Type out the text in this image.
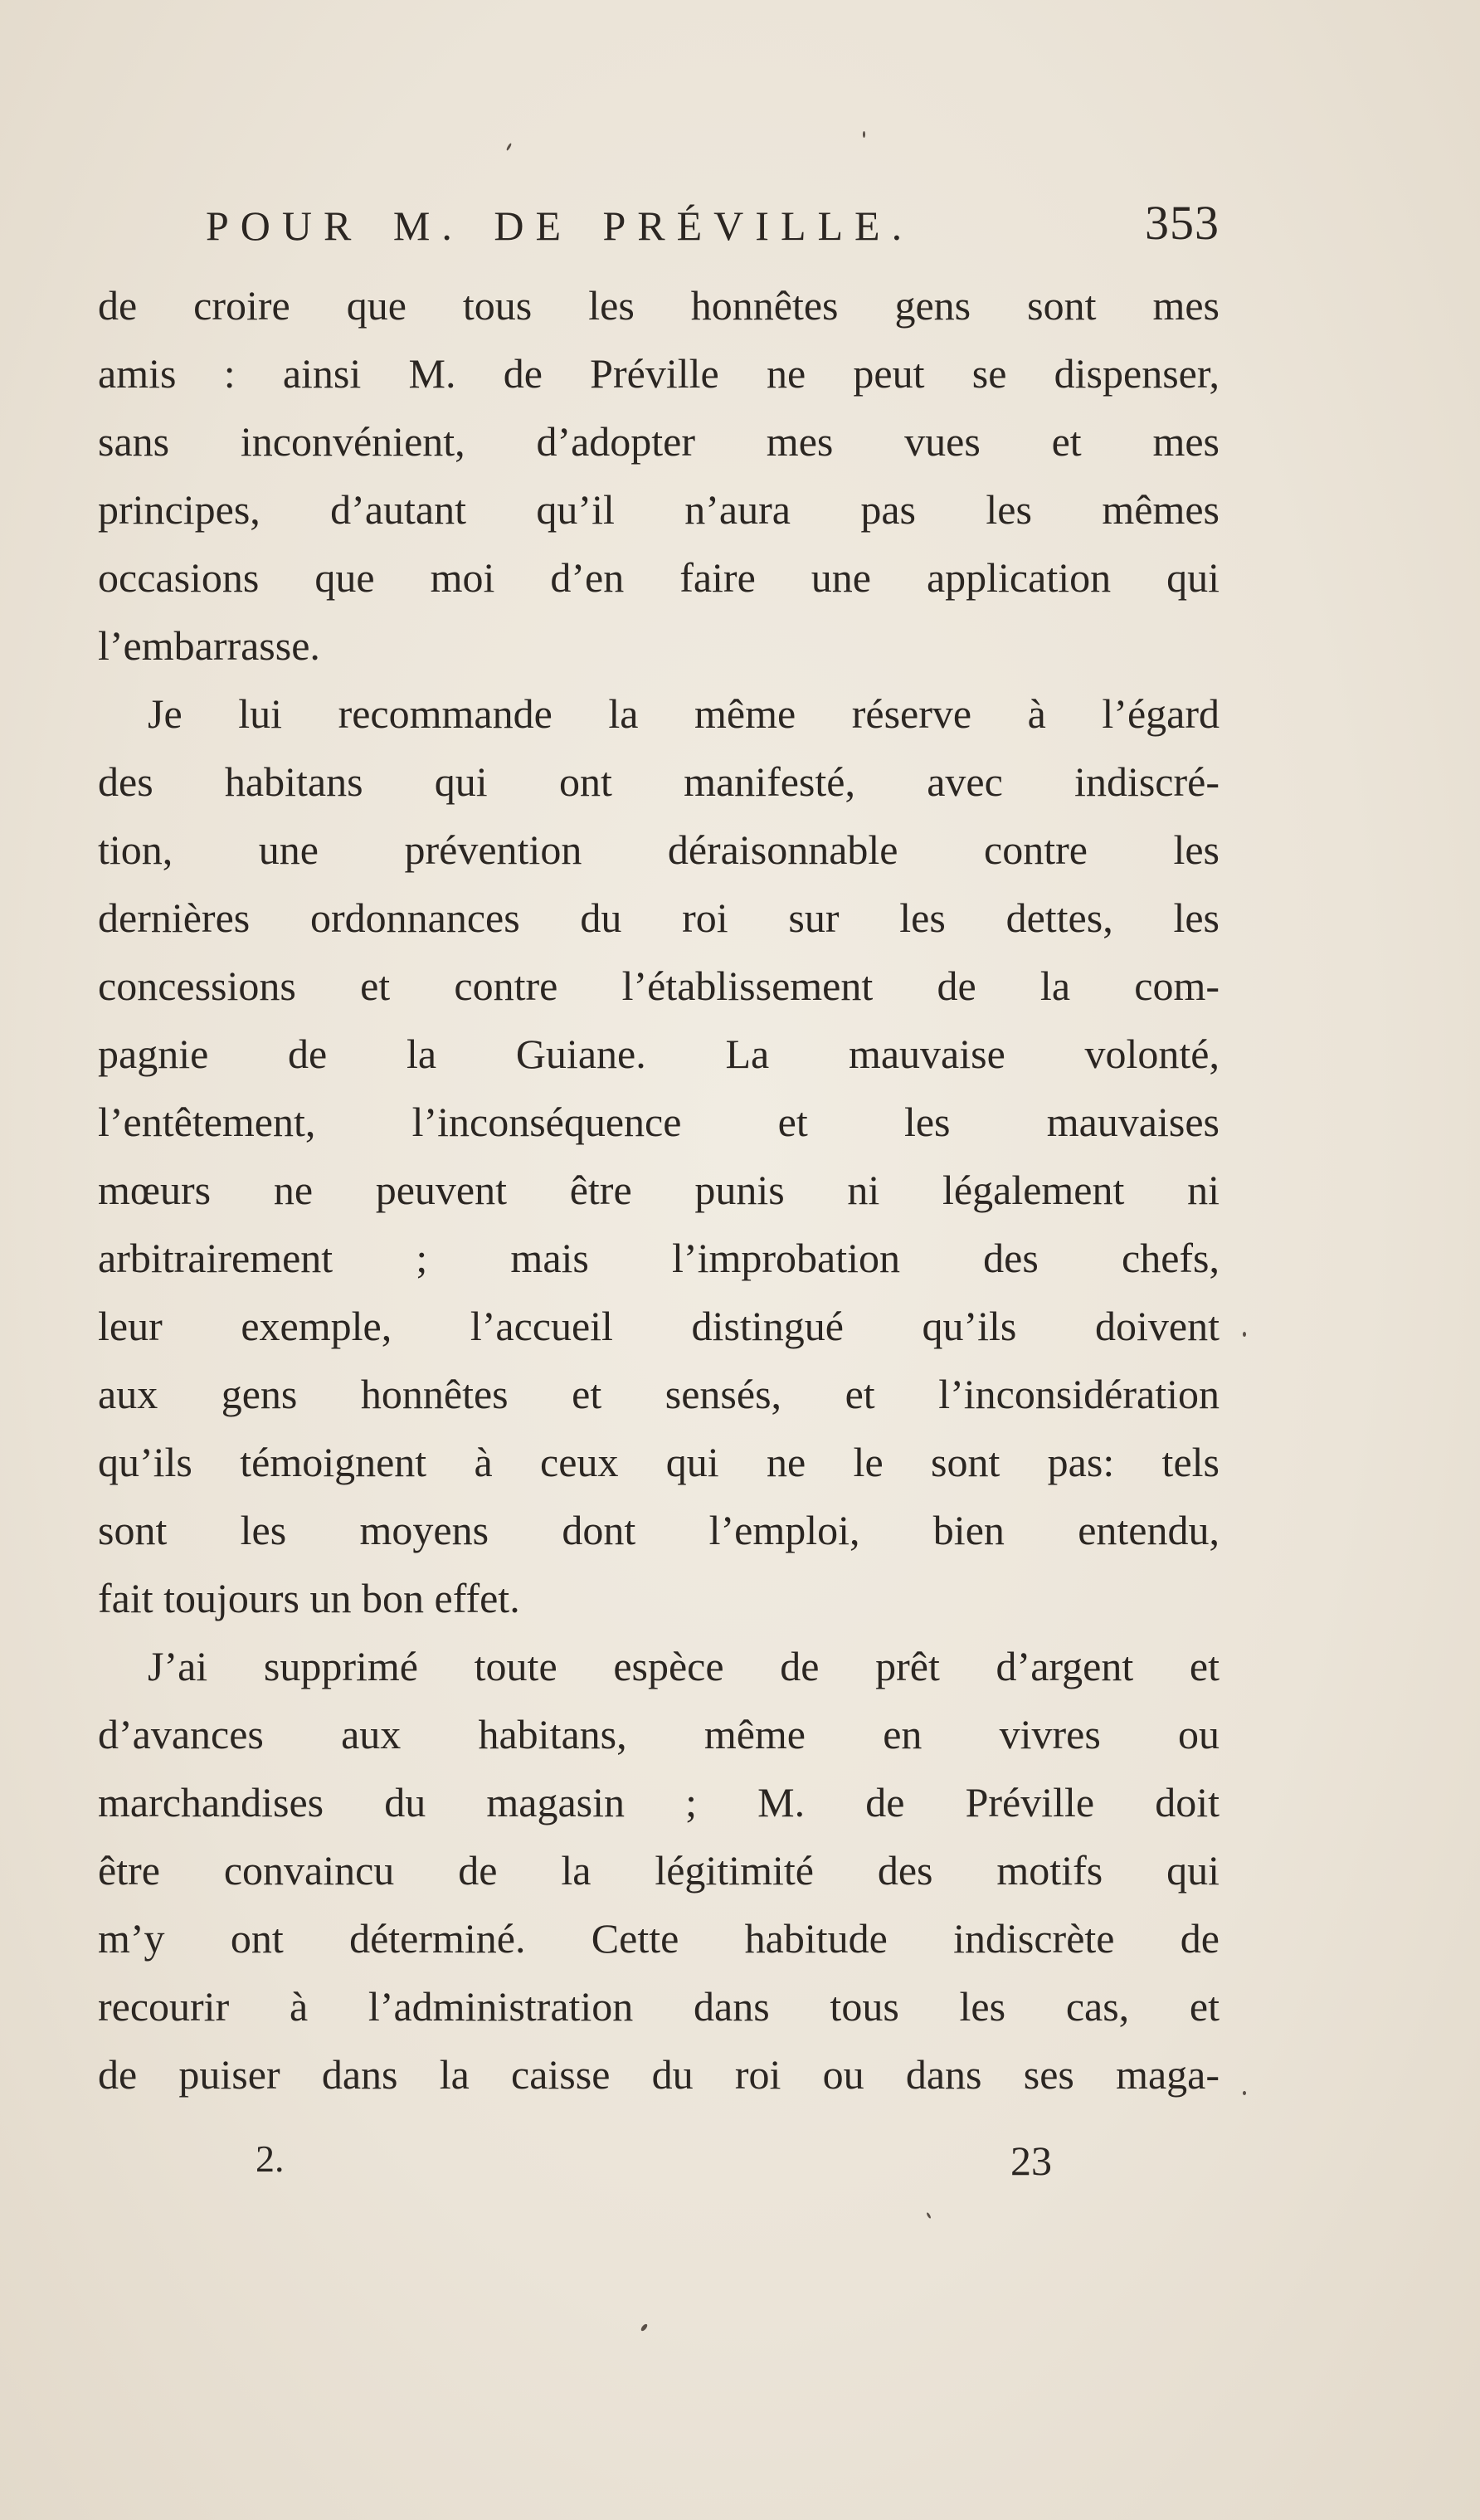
POUR M. DE PRÉVILLE.	353

de croire que tous les honnêtes gens sont mes
amis : ainsi M. de Préville ne peut se dispenser,
sans inconvénient, d’adopter mes vues et mes
principes, d’autant qu’il n’aura pas les mêmes
occasions que moi d’en faire une application qui
l’embarrasse.

Je lui recommande la même réserve à l’égard
des habitans qui ont manifesté, avec indiscré-
tion, une prévention déraisonnable contre les
dernières ordonnances du roi sur les dettes, les
concessions et contre l’établissement de la com-
pagnie de la Guiane. La mauvaise volonté,
l’entêtement, l’inconséquence et les mauvaises
mœurs ne peuvent être punis ni légalement ni
arbitrairement ; mais l’improbation des chefs,
leur exemple, l’accueil distingué qu’ils doivent
aux gens honnêtes et sensés, et l’inconsidération
qu’ils témoignent à ceux qui ne le sont pas: tels
sont les moyens dont l’emploi, bien entendu,
fait toujours un bon effet.

J’ai supprimé toute espèce de prêt d’argent et
d’avances aux habitans, même en vivres ou
marchandises du magasin ; M. de Préville doit
être convaincu de la légitimité des motifs qui
m’y ont déterminé. Cette habitude indiscrète de
recourir à l’administration dans tous les cas, et
de puiser dans la caisse du roi ou dans ses maga-

2.	23
